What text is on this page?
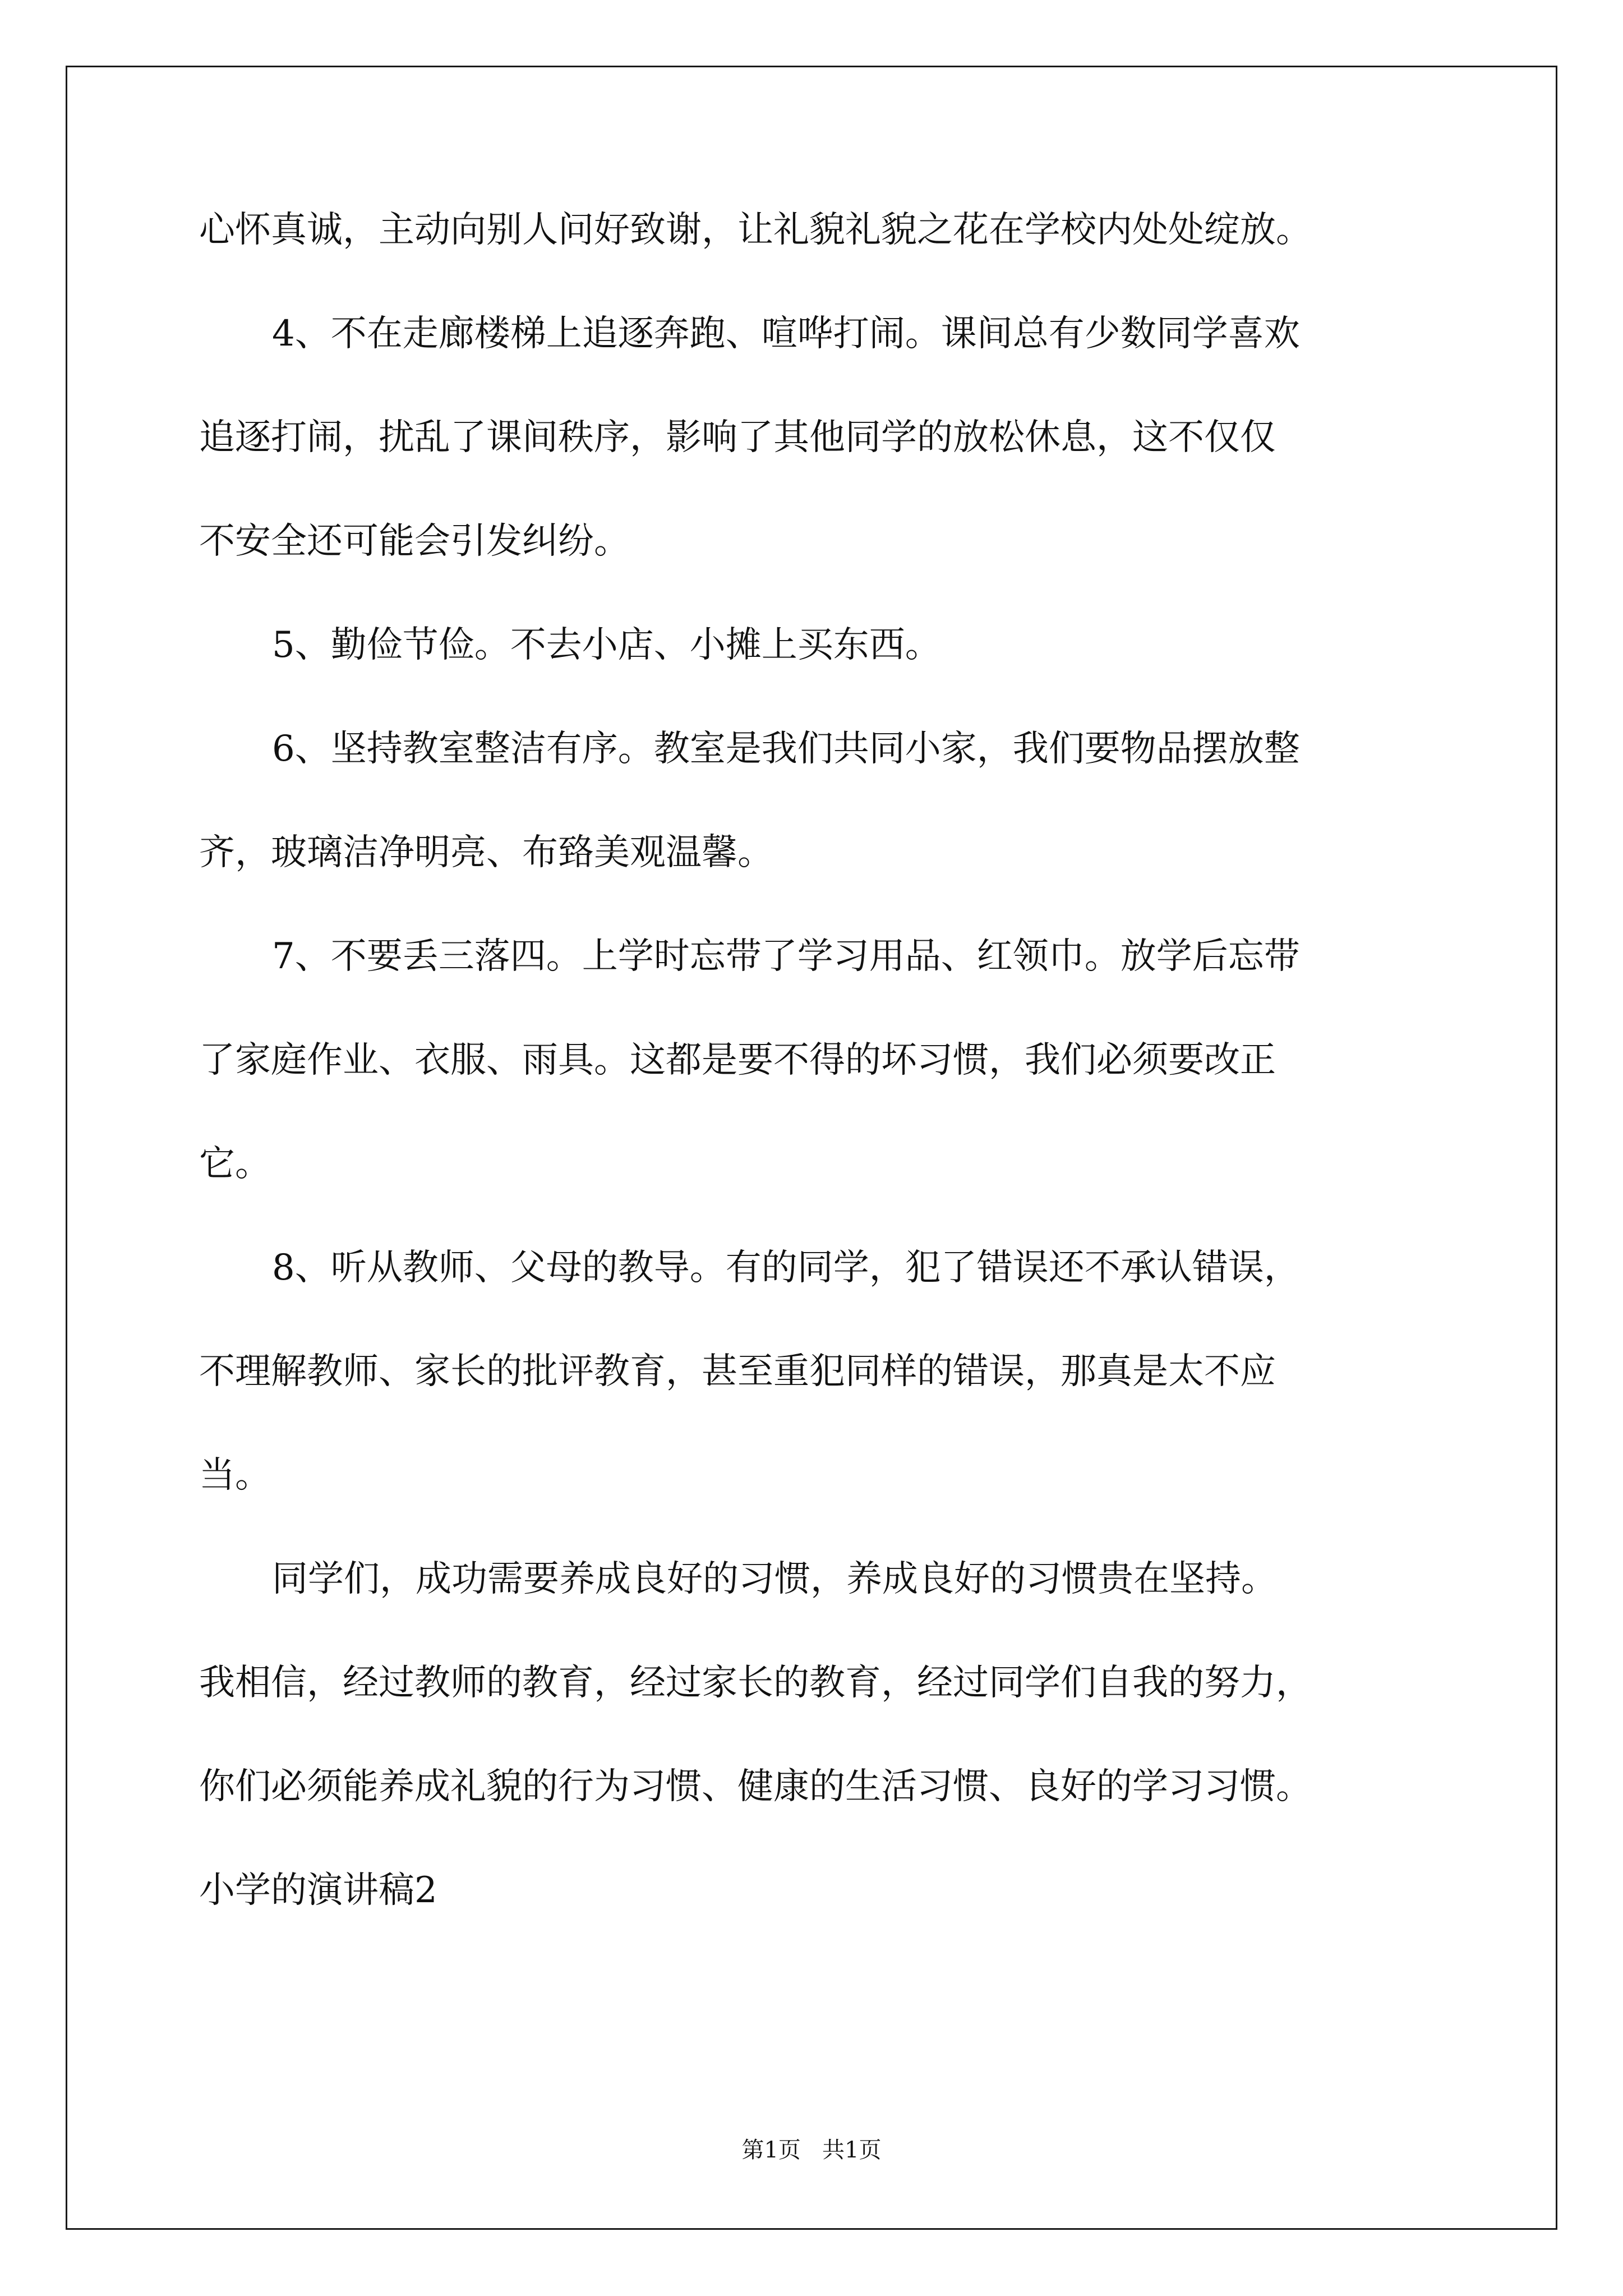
心怀真诚，主动向别人问好致谢，让礼貌礼貌之花在学校内处处绽放。
4、不在走廊楼梯上追逐奔跑、喧哗打闹。课间总有少数同学喜欢
追逐打闹，扰乱了课间秩序，影响了其他同学的放松休息，这不仅仅
不安全还可能会引发纠纷。
5、勤俭节俭。不去小店、小摊上买东西。
6、坚持教室整洁有序。教室是我们共同小家，我们要物品摆放整
齐，玻璃洁净明亮、布臵美观温馨。
7、不要丢三落四。上学时忘带了学习用品、红领巾。放学后忘带
了家庭作业、衣服、雨具。这都是要不得的坏习惯，我们必须要改正
它。
8、听从教师、父母的教导。有的同学，犯了错误还不承认错误，
不理解教师、家长的批评教育，甚至重犯同样的错误，那真是太不应
当。
同学们，成功需要养成良好的习惯，养成良好的习惯贵在坚持。
我相信，经过教师的教育，经过家长的教育，经过同学们自我的努力，
你们必须能养成礼貌的行为习惯、健康的生活习惯、良好的学习习惯。
小学的演讲稿2
第1页   共1页
